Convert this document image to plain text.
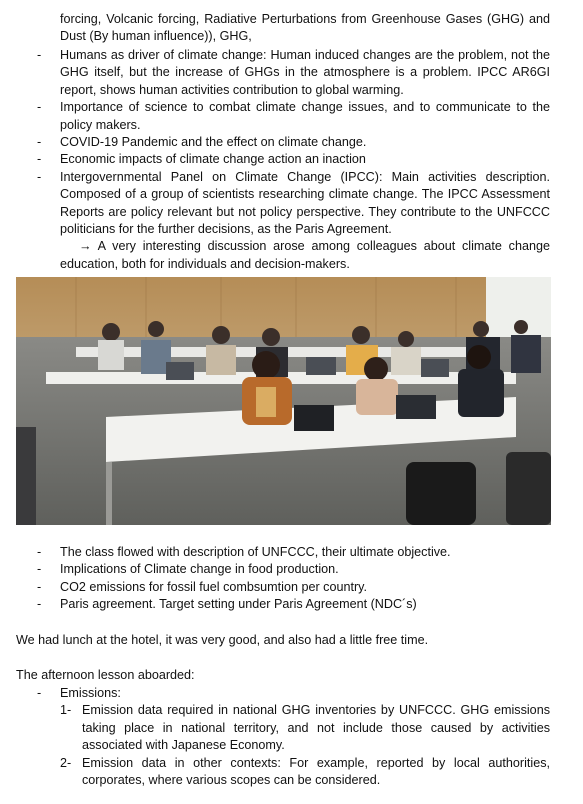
forcing, Volcanic forcing, Radiative Perturbations from Greenhouse Gases (GHG) and Dust (By human influence)), GHG,
-	Humans as driver of climate change: Human induced changes are the problem, not the GHG itself, but the increase of GHGs in the atmosphere is a problem. IPCC AR6GI report, shows human activities contribution to global warming.
-	Importance of science to combat climate change issues, and to communicate to the policy makers.
-	COVID-19 Pandemic and the effect on climate change.
-	Economic impacts of climate change action an inaction
-	Intergovernmental Panel on Climate Change (IPCC): Main activities description. Composed of a group of scientists researching climate change. The IPCC Assessment Reports are policy relevant but not policy perspective. They contribute to the UNFCCC politicians for the further decisions, as the Paris Agreement.
→ A very interesting discussion arose among colleagues about climate change education, both for individuals and decision-makers.
-	The class flowed with description of UNFCCC, their ultimate objective.
-	Implications of Climate change in food production.
-	CO2 emissions for fossil fuel combsumtion per country.
-	Paris agreement. Target setting under Paris Agreement (NDC´s)
We had lunch at the hotel, it was very good, and also had a little free time.
The afternoon lesson aboarded:
-	Emissions:
1- Emission data required in national GHG inventories by UNFCCC. GHG emissions taking place in national territory, and not include those caused by activities associated with Japanese Economy.
2- Emission data in other contexts: For example, reported by local authorities, corporates, where various scopes can be considered.
